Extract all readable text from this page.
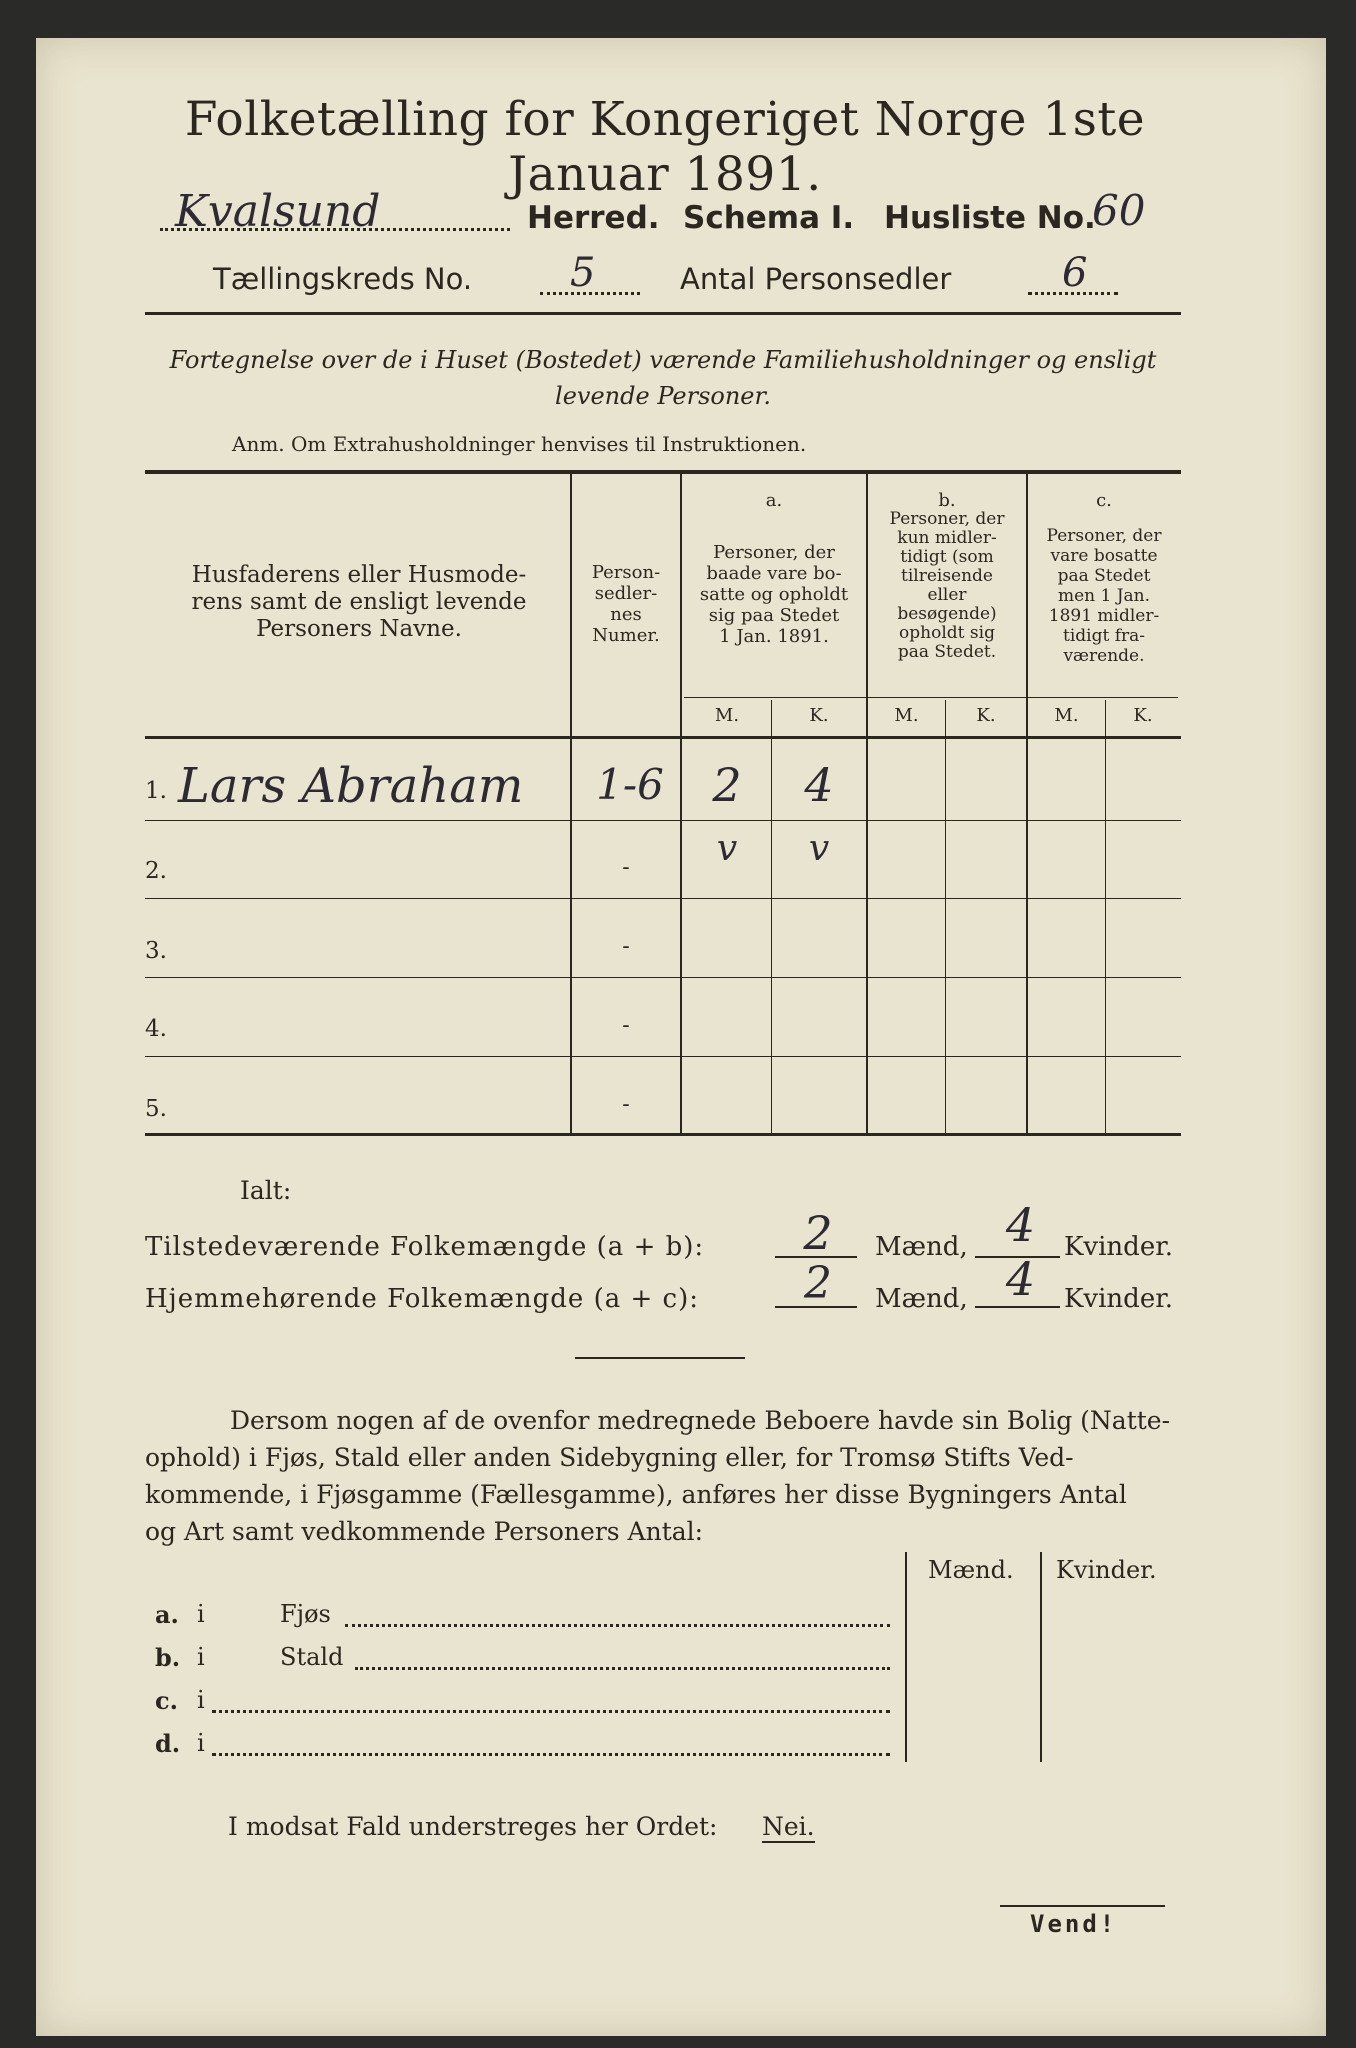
Folketælling for Kongeriget Norge 1ste Januar 1891.
Kvalsund	Herred. Schema I. Husliste No.
60
Tællingskreds No. 5	Antal Personsedler	6
Fortegnelse over de i Huset (Bostedet) værende Familiehusholdninger og ensligt
levende Personer.
Anm. Om Extrahusholdninger henvises til Instruktionen.
Husfaderens eller Husmode-
rens samt de ensligt levende
Personers Navne.
Person-
sedler-
nes
Numer.
a.
Personer, der
baade vare bo-
satte og opholdt
sig paa Stedet
1 Jan. 1891.
b.
Personer, der
kun midler-
tidigt (som
tilreisende
eller
besøgende)
opholdt sig
paa Stedet.
c.
Personer, der
vare bosatte
paa Stedet
men 1 Jan.
1891 midler-
tidigt fra-
værende.
M.	K.	M.	K.	M.	K.
1. Lars Abraham	1-6	2	4
2.	-	v	v
3.	-
4.	-
5.	-
Ialt:
Tilstedeværende Folkemængde (a + b):	2	Mænd, 4	Kvinder.
Hjemmehørende Folkemængde (a + c):	2	Mænd, 4	Kvinder.
Dersom nogen af de ovenfor medregnede Beboere havde sin Bolig (Natte-
ophold) i Fjøs, Stald eller anden Sidebygning eller, for Tromsø Stifts Ved-
kommende, i Fjøsgamme (Fællesgamme), anføres her disse Bygningers Antal
og Art samt vedkommende Personers Antal:
Mænd. Kvinder.
a. i	Fjøs
b. i	Stald
c. i
d. i
I modsat Fald understreges her Ordet: Nei.
Vend!
